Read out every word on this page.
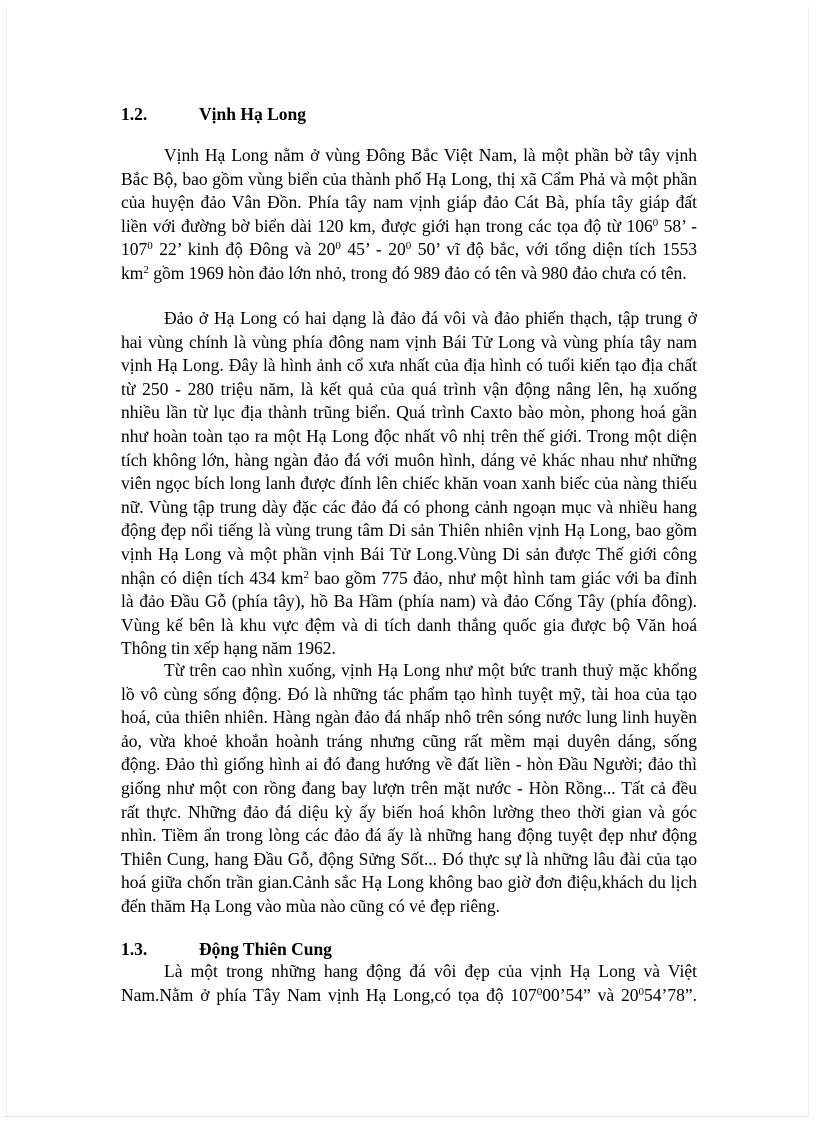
1.2.	Vịnh Hạ Long
Vịnh Hạ Long nằm ở vùng Đông Bắc Việt Nam, là một phần bờ tây vịnh
Bắc Bộ, bao gồm vùng biển của thành phố Hạ Long, thị xã Cẩm Phả và một phần
của huyện đảo Vân Đồn. Phía tây nam vịnh giáp đảo Cát Bà, phía tây giáp đất
liền với đường bờ biển dài 120 km, được giới hạn trong các tọa độ từ $106^0$ 58’ -
$107^0$ 22’ kinh độ Đông và $20^0$ 45’ - $20^0$ 50’ vĩ độ bắc, với tổng diện tích 1553
$km^2$ gồm 1969 hòn đảo lớn nhỏ, trong đó 989 đảo có tên và 980 đảo chưa có tên.
Đảo ở Hạ Long có hai dạng là đảo đá vôi và đảo phiến thạch, tập trung ở
hai vùng chính là vùng phía đông nam vịnh Bái Tử Long và vùng phía tây nam
vịnh Hạ Long. Đây là hình ảnh cổ xưa nhất của địa hình có tuổi kiến tạo địa chất
từ 250 - 280 triệu năm, là kết quả của quá trình vận động nâng lên, hạ xuống
nhiều lần từ lục địa thành trũng biển. Quá trình Caxto bào mòn, phong hoá gần
như hoàn toàn tạo ra một Hạ Long độc nhất vô nhị trên thế giới. Trong một diện
tích không lớn, hàng ngàn đảo đá với muôn hình, dáng vẻ khác nhau như những
viên ngọc bích long lanh được đính lên chiếc khăn voan xanh biếc của nàng thiếu
nữ. Vùng tập trung dày đặc các đảo đá có phong cảnh ngoạn mục và nhiều hang
động đẹp nổi tiếng là vùng trung tâm Di sản Thiên nhiên vịnh Hạ Long, bao gồm
vịnh Hạ Long và một phần vịnh Bái Tử Long.Vùng Di sản được Thế giới công
nhận có diện tích 434 $km^2$ bao gồm 775 đảo, như một hình tam giác với ba đỉnh
là đảo Đầu Gỗ (phía tây), hồ Ba Hầm (phía nam) và đảo Cống Tây (phía đông).
Vùng kế bên là khu vực đệm và di tích danh thắng quốc gia được bộ Văn hoá
Thông tin xếp hạng năm 1962.
Từ trên cao nhìn xuống, vịnh Hạ Long như một bức tranh thuỷ mặc khổng
lồ vô cùng sống động. Đó là những tác phẩm tạo hình tuyệt mỹ, tài hoa của tạo
hoá, của thiên nhiên. Hàng ngàn đảo đá nhấp nhô trên sóng nước lung linh huyền
ảo, vừa khoẻ khoắn hoành tráng nhưng cũng rất mềm mại duyên dáng, sống
động. Đảo thì giống hình ai đó đang hướng về đất liền - hòn Đầu Người; đảo thì
giống như một con rồng đang bay lượn trên mặt nước - Hòn Rồng... Tất cả đều
rất thực. Những đảo đá diệu kỳ ấy biến hoá khôn lường theo thời gian và góc
nhìn. Tiềm ẩn trong lòng các đảo đá ấy là những hang động tuyệt đẹp như động
Thiên Cung, hang Đầu Gỗ, động Sửng Sốt... Đó thực sự là những lâu đài của tạo
hoá giữa chốn trần gian.Cảnh sắc Hạ Long không bao giờ đơn điệu,khách du lịch
đến thăm Hạ Long vào mùa nào cũng có vẻ đẹp riêng.
1.3.	Động Thiên Cung
Là một trong những hang động đá vôi đẹp của vịnh Hạ Long và Việt
Nam.Nằm ở phía Tây Nam vịnh Hạ Long,có tọa độ $107^000’54$” và $20^054’78$”.
